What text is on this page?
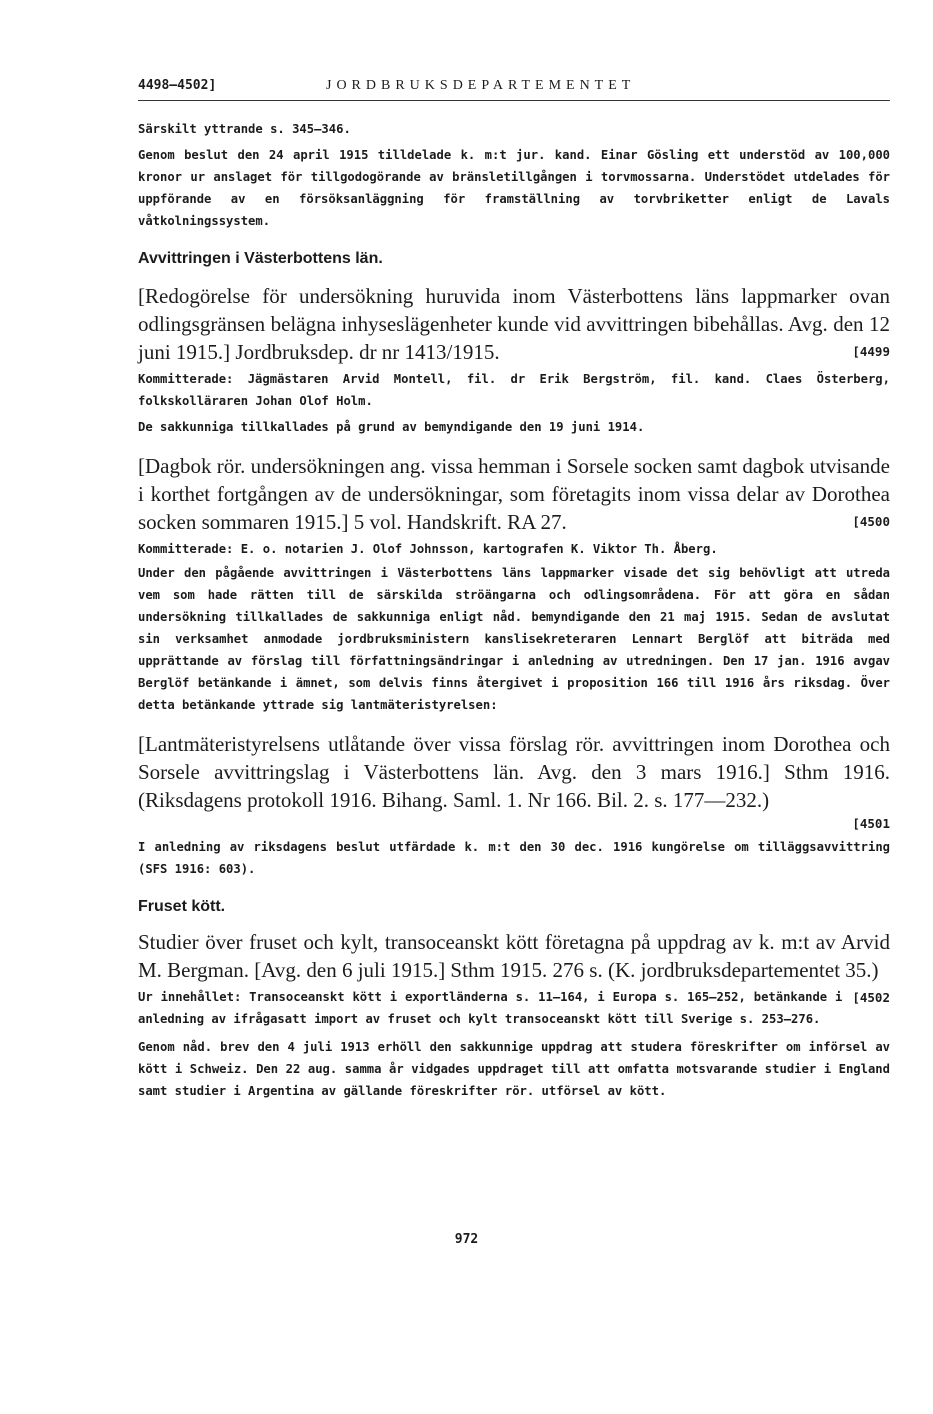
4498—4502]	JORDBRUKSDEPARTEMENTET

Särskilt yttrande s. 345—346.

Genom beslut den 24 april 1915 tilldelade k. m:t jur. kand. Einar Gösling ett understöd av 100,000 kronor ur anslaget för tillgodogörande av bränsletillgången i torvmossarna. Understödet utdelades för uppförande av en försöksanläggning för framställning av torvbriketter enligt de Lavals våtkolningssystem.

Avvittringen i Västerbottens län.

[Redogörelse för undersökning huruvida inom Västerbottens läns lappmarker ovan odlingsgränsen belägna inhyseslägenheter kunde vid avvittringen bibehållas. Avg. den 12 juni 1915.] Jordbruksdep. dr nr 1413/1915.	[4499

Kommitterade: Jägmästaren Arvid Montell, fil. dr Erik Bergström, fil. kand. Claes Österberg, folkskolläraren Johan Olof Holm.

De sakkunniga tillkallades på grund av bemyndigande den 19 juni 1914.

[Dagbok rör. undersökningen ang. vissa hemman i Sorsele socken samt dagbok utvisande i korthet fortgången av de undersökningar, som företagits inom vissa delar av Dorothea socken sommaren 1915.] 5 vol. Handskrift. RA 27.	[4500

Kommitterade: E. o. notarien J. Olof Johnsson, kartografen K. Viktor Th. Åberg.

Under den pågående avvittringen i Västerbottens läns lappmarker visade det sig behövligt att utreda vem som hade rätten till de särskilda ströängarna och odlingsområdena. För att göra en sådan undersökning tillkallades de sakkunniga enligt nåd. bemyndigande den 21 maj 1915. Sedan de avslutat sin verksamhet anmodade jordbruksministern kanslisekreteraren Lennart Berglöf att biträda med upprättande av förslag till författningsändringar i anledning av utredningen. Den 17 jan. 1916 avgav Berglöf betänkande i ämnet, som delvis finns återgivet i proposition 166 till 1916 års riksdag. Över detta betänkande yttrade sig lantmäteristyrelsen:

[Lantmäteristyrelsens utlåtande över vissa förslag rör. avvittringen inom Dorothea och Sorsele avvittringslag i Västerbottens län. Avg. den 3 mars 1916.] Sthm 1916. (Riksdagens protokoll 1916. Bihang. Saml. 1. Nr 166. Bil. 2. s. 177—232.)

[4501

I anledning av riksdagens beslut utfärdade k. m:t den 30 dec. 1916 kungörelse om tilläggsavvittring (SFS 1916: 603).

Fruset kött.

Studier över fruset och kylt, transoceanskt kött företagna på uppdrag av k. m:t av Arvid M. Bergman. [Avg. den 6 juli 1915.] Sthm 1915. 276 s. (K. jordbruksdepartementet 35.)
[4502

Ur innehållet: Transoceanskt kött i exportländerna s. 11—164, i Europa s. 165—252, betänkande i anledning av ifrågasatt import av fruset och kylt transoceanskt kött till Sverige s. 253—276.

Genom nåd. brev den 4 juli 1913 erhöll den sakkunnige uppdrag att studera föreskrifter om införsel av kött i Schweiz. Den 22 aug. samma år vidgades uppdraget till att omfatta motsvarande studier i England samt studier i Argentina av gällande föreskrifter rör. utförsel av kött.

972
